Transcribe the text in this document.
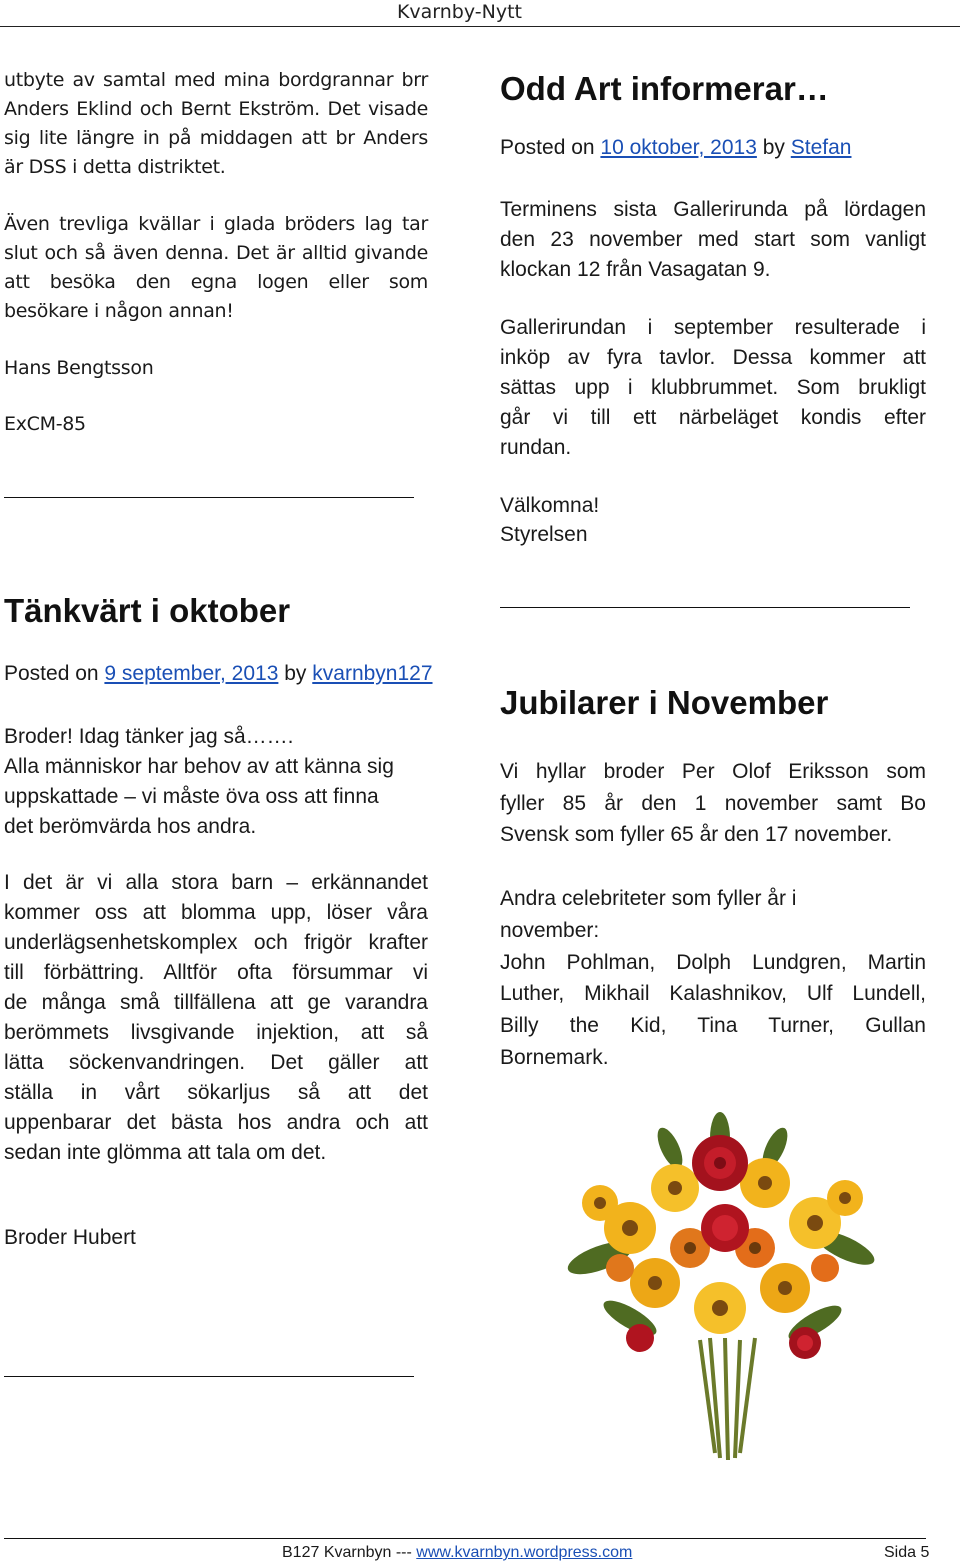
Kvarnby-Nytt
utbyte av samtal med mina bordgrannar brr
Anders Eklind och Bernt Ekström. Det visade
sig lite längre in på middagen att br Anders
är DSS i detta distriktet.
Även trevliga kvällar i glada bröders lag tar
slut och så även denna. Det är alltid givande
att besöka den egna logen eller som
besökare i någon annan!
Hans Bengtsson
ExCM-85
Tänkvärt i oktober
Posted on 9 september, 2013 by kvarnbyn127
Broder! Idag tänker jag så…….
Alla människor har behov av att känna sig
uppskattade – vi måste öva oss att finna
det berömvärda hos andra.
I det är vi alla stora barn – erkännandet
kommer oss att blomma upp, löser våra
underlägsenhetskomplex och frigör krafter
till förbättring. Alltför ofta försummar vi
de många små tillfällena att ge varandra
berömmets livsgivande injektion, att så
lätta söckenvandringen. Det gäller att
ställa in vårt sökarljus så att det
uppenbarar det bästa hos andra och att
sedan inte glömma att tala om det.
Broder Hubert
Odd Art informerar…
Posted on 10 oktober, 2013 by Stefan
Terminens sista Gallerirunda på lördagen
den 23 november med start som vanligt
klockan 12 från Vasagatan 9.
Gallerirundan i september resulterade i
inköp av fyra tavlor. Dessa kommer att
sättas upp i klubbrummet. Som brukligt
går vi till ett närbeläget kondis efter
rundan.
Välkomna!
Styrelsen
Jubilarer i November
Vi hyllar broder Per Olof Eriksson som
fyller 85 år den 1 november samt Bo
Svensk som fyller 65 år den 17 november.
Andra celebriteter som fyller år i
november:
John Pohlman, Dolph Lundgren, Martin
Luther, Mikhail Kalashnikov, Ulf Lundell,
Billy the Kid, Tina Turner, Gullan
Bornemark.
B127 Kvarnbyn --- www.kvarnbyn.wordpress.com	Sida 5
